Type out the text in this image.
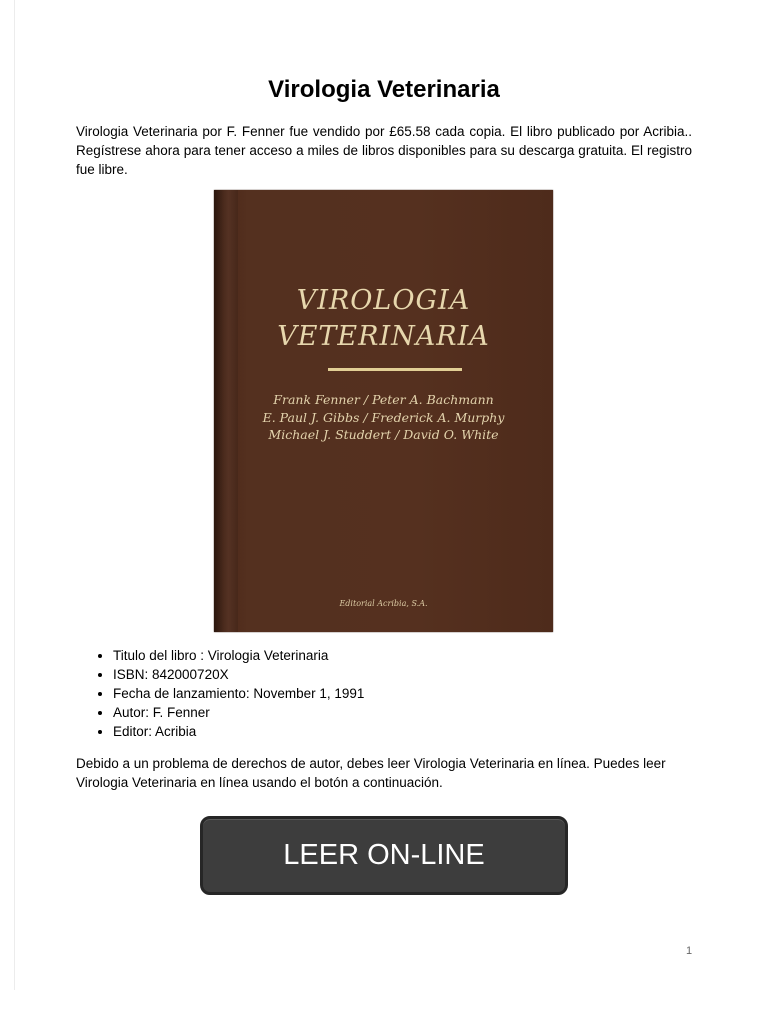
Virologia Veterinaria

Virologia Veterinaria por F. Fenner fue vendido por £65.58 cada copia. El libro publicado por Acribia.. Regístrese ahora para tener acceso a miles de libros disponibles para su descarga gratuita. El registro fue libre.

VIROLOGIA
VETERINARIA
Frank Fenner / Peter A. Bachmann
E. Paul J. Gibbs / Frederick A. Murphy
Michael J. Studdert / David O. White
Editorial Acribia, S.A.
• Titulo del libro : Virologia Veterinaria
• ISBN: 842000720X
• Fecha de lanzamiento: November 1, 1991
• Autor: F. Fenner
• Editor: Acribia

Debido a un problema de derechos de autor, debes leer Virologia Veterinaria en línea. Puedes leer Virologia Veterinaria en línea usando el botón a continuación.

LEER ON-LINE
1
